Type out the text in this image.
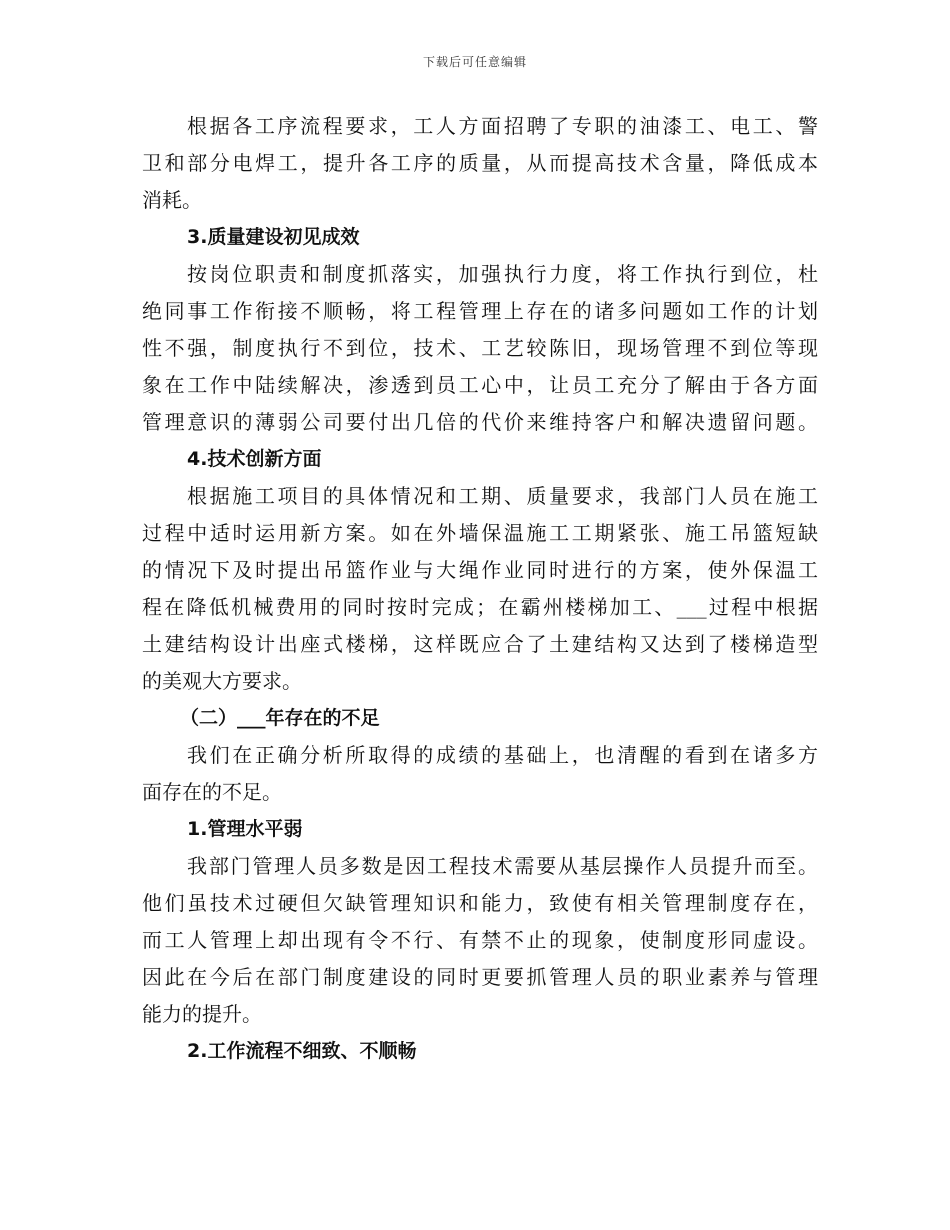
下载后可任意编辑
根据各工序流程要求，工人方面招聘了专职的油漆工、电工、警
卫和部分电焊工，提升各工序的质量，从而提高技术含量，降低成本
消耗。
3.质量建设初见成效
按岗位职责和制度抓落实，加强执行力度，将工作执行到位，杜
绝同事工作衔接不顺畅，将工程管理上存在的诸多问题如工作的计划
性不强，制度执行不到位，技术、工艺较陈旧，现场管理不到位等现
象在工作中陆续解决，渗透到员工心中，让员工充分了解由于各方面
管理意识的薄弱公司要付出几倍的代价来维持客户和解决遗留问题。
4.技术创新方面
根据施工项目的具体情况和工期、质量要求，我部门人员在施工
过程中适时运用新方案。如在外墙保温施工工期紧张、施工吊篮短缺
的情况下及时提出吊篮作业与大绳作业同时进行的方案，使外保温工
程在降低机械费用的同时按时完成；在霸州楼梯加工、___过程中根据
土建结构设计出座式楼梯，这样既应合了土建结构又达到了楼梯造型
的美观大方要求。
（二）___年存在的不足
我们在正确分析所取得的成绩的基础上，也清醒的看到在诸多方
面存在的不足。
1.管理水平弱
我部门管理人员多数是因工程技术需要从基层操作人员提升而至。
他们虽技术过硬但欠缺管理知识和能力，致使有相关管理制度存在，
而工人管理上却出现有令不行、有禁不止的现象，使制度形同虚设。
因此在今后在部门制度建设的同时更要抓管理人员的职业素养与管理
能力的提升。
2.工作流程不细致、不顺畅
